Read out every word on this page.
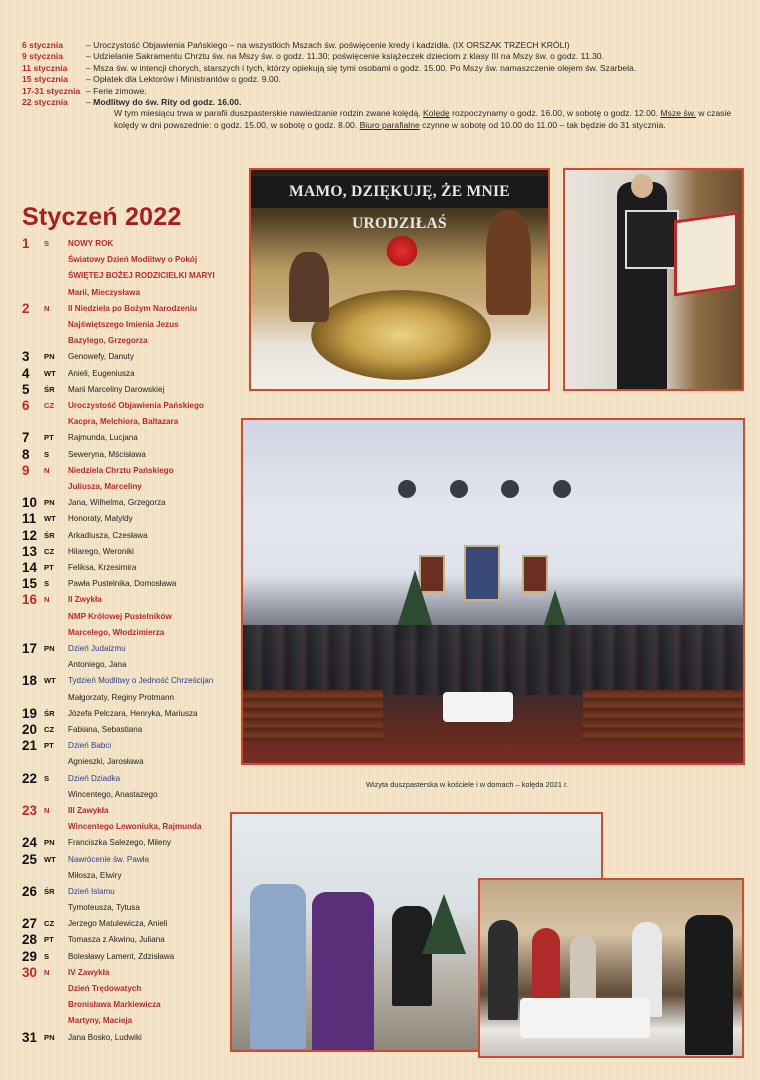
6 stycznia	– Uroczystość Objawienia Pańskiego – na wszystkich Mszach św. poświęcenie kredy i kadzidła. (IX ORSZAK TRZECH KRÓLI)
9 stycznia	– Udzielanie Sakramentu Chrztu św. na Mszy św. o godz. 11.30; poświęcenie książeczek dzieciom z klasy III na Mszy św. o godz. 11.30.
11 stycznia	– Msza św. w intencji chorych, starszych i tych, którzy opiekują się tymi osobami o godz. 15.00. Po Mszy św. namaszczenie olejem św. Szarbela.
15 stycznia	– Opłatek dla Lektorów i Ministrantów o godz. 9.00.
17-31 stycznia – Ferie zimowe.
22 stycznia	– Modlitwy do św. Rity od godz. 16.00.
W tym miesiącu trwa w parafii duszpasterskie nawiedzanie rodzin zwane kolędą. Kolędę rozpoczynamy o godz. 16.00, w sobotę o godz. 12.00. Msze św. w czasie kolędy w dni powszednie: o godz. 15.00, w sobotę o godz. 8.00. Biuro parafialne czynne w sobotę od 10.00 do 11.00 – tak będzie do 31 stycznia.
Styczeń 2022
1	S	NOWY ROK
Światowy Dzień Modlitwy o Pokój
ŚWIĘTEJ BOŻEJ RODZICIELKI MARYI
Marii, Mieczysława
2	N	II Niedziela po Bożym Narodzeniu
Najświętszego Imienia Jezus
Bazylego, Grzegorza
3	PN	Genowefy, Danuty
4	WT	Anieli, Eugeniusza
5	ŚR	Marii Marceliny Darowskiej
6	CZ	Uroczystość Objawienia Pańskiego
Kacpra, Melchiora, Baltazara
7	PT	Rajmunda, Lucjana
8	S	Seweryna, Mścisława
9	N	Niedziela Chrztu Pańskiego
Juliusza, Marceliny
10 PN	Jana, Wilhelma, Grzegorza
11	WT	Honoraty, Matyldy
12 ŚR	Arkadiusza, Czesława
13 CZ	Hilarego, Weroniki
14 PT	Feliksa, Krzesimira
15 S	Pawła Pustelnika, Domosława
16 N	II Zwykła
NMP Królowej Pustelników
Marcelego, Włodzimierza
17 PN	Dzień Judaizmu
Antoniego, Jana
18 WT	Tydzień Modlitwy o Jedność Chrześcijan
Małgorzaty, Reginy Protmann
19 ŚR	Józefa Pelczara, Henryka, Mariusza
20 CZ	Fabiana, Sebastiana
21 PT	Dzień Babci
Agnieszki, Jarosława
22 S	Dzień Dziadka
Wincentego, Anastazego
23 N	III Zawykła
Wincentego Lewoniuka, Rajmunda
24 PN	Franciszka Salezego, Mileny
25 WT	Nawrócenie św. Pawła
Miłosza, Elwiry
26 ŚR	Dzień Islamu
Tymoteusza, Tytusa
27 CZ	Jerzego Matulewicza, Anieli
28 PT	Tomasza z Akwinu, Juliana
29 S	Bolesławy Lament, Zdzisława
30 N	IV Zawykła
Dzień Trędowatych
Bronisława Markiewicza
Martyny, Macieja
31 PN	Jana Bosko, Ludwiki
MAMO, DZIĘKUJĘ, ŻE MNIE URODZIŁAŚ
Wizyta duszpasterska w kościele i w domach – kolęda 2021 r.
